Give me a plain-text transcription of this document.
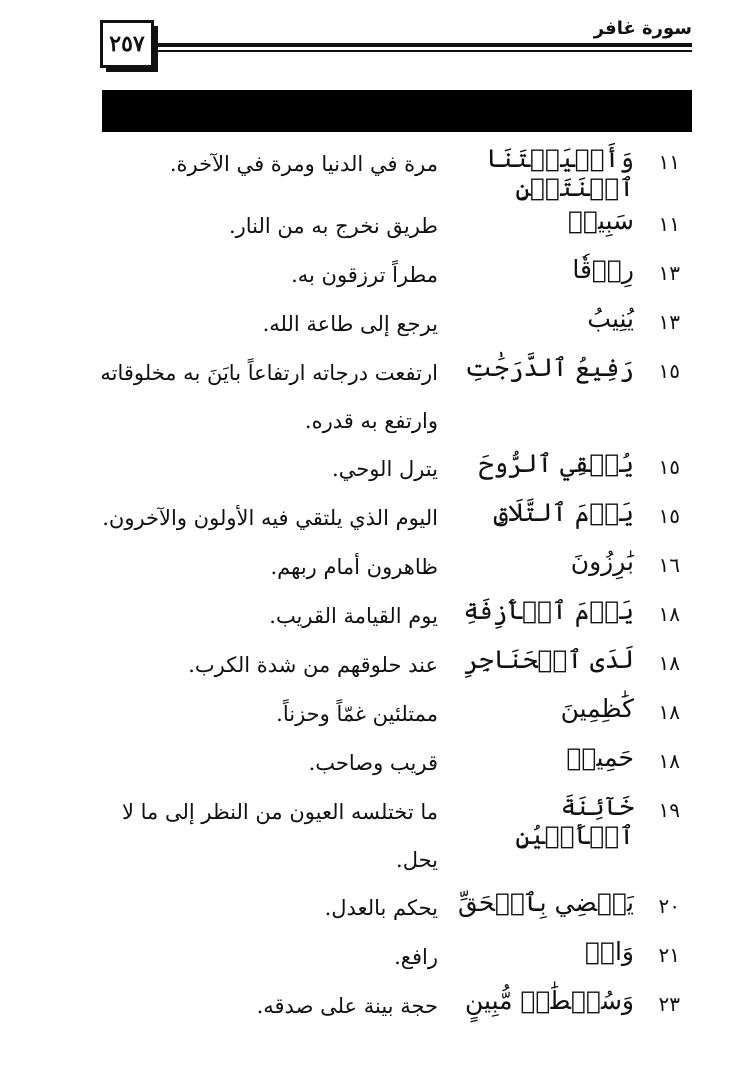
٢٥٧
سورة غافر
١١
وَأَحۡيَيۡتَنَا ٱثۡنَتَيۡنِ
مرة في الدنيا ومرة في الآخرة.
١١
سَبِيلٖ
طريق نخرج به من النار.
١٣
رِزۡقٗا
مطراً ترزقون به.
١٣
يُنِيبُ
يرجع إلى طاعة الله.
١٥
رَفِيعُ ٱلدَّرَجَٰتِ
ارتفعت درجاته ارتفاعاً بايَنَ به مخلوقاته وارتفع به قدره.
١٥
يُلۡقِي ٱلرُّوحَ
يترل الوحي.
١٥
يَوۡمَ ٱلتَّلَاقِ
اليوم الذي يلتقي فيه الأولون والآخرون.
١٦
بَٰرِزُونَ
ظاهرون أمام ربهم.
١٨
يَوۡمَ ٱلۡأٓزِفَةِ
يوم القيامة القريب.
١٨
لَدَى ٱلۡحَنَاجِرِ
عند حلوقهم من شدة الكرب.
١٨
كَٰظِمِينَ
ممتلئين غمّاً وحزناً.
١٨
حَمِيمٖ
قريب وصاحب.
١٩
خَآئِنَةَ ٱلۡأَعۡيُنِ
ما تختلسه العيون من النظر إلى ما لا يحل.
٢٠
يَقۡضِي بِٱلۡحَقِّ
يحكم بالعدل.
٢١
وَاقٖ
رافع.
٢٣
وَسُلۡطَٰنٖ مُّبِينٍ
حجة بينة على صدقه.
